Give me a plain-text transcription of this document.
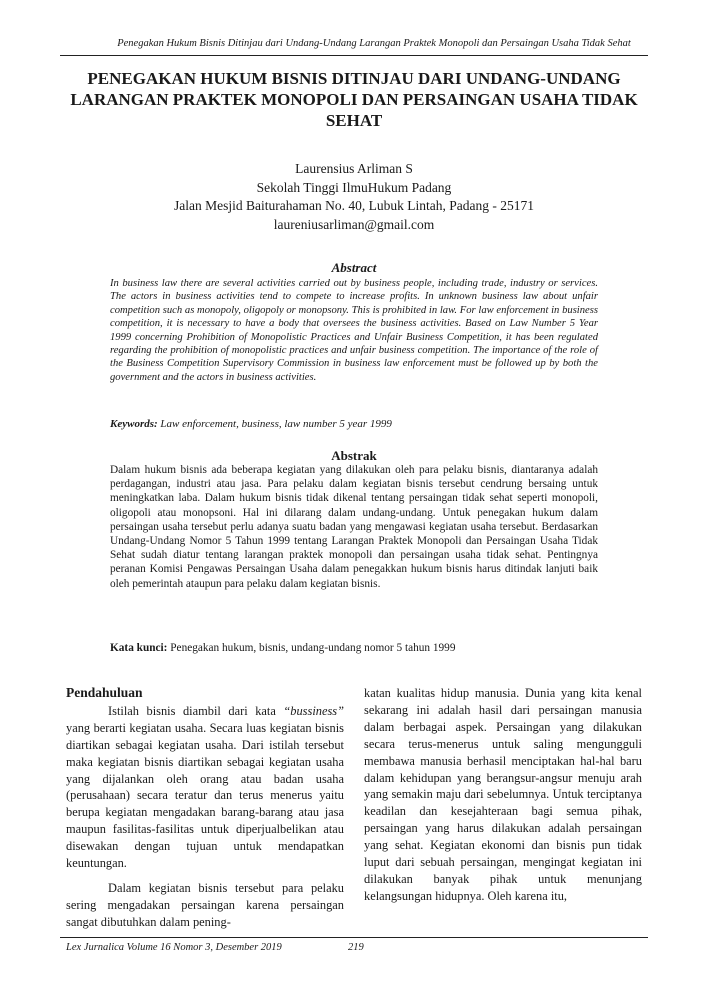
Penegakan Hukum Bisnis Ditinjau dari Undang-Undang Larangan Praktek Monopoli dan Persaingan Usaha Tidak Sehat
PENEGAKAN HUKUM BISNIS DITINJAU DARI UNDANG-UNDANG LARANGAN PRAKTEK MONOPOLI DAN PERSAINGAN USAHA TIDAK SEHAT
Laurensius Arliman S
Sekolah Tinggi IlmuHukum Padang
Jalan Mesjid Baiturahaman No. 40, Lubuk Lintah, Padang - 25171
laureniusarliman@gmail.com
Abstract
In business law there are several activities carried out by business people, including trade, industry or services. The actors in business activities tend to compete to increase profits. In unknown business law about unfair competition such as monopoly, oligopoly or monopsony. This is prohibited in law. For law enforcement in business competition, it is necessary to have a body that oversees the business activities. Based on Law Number 5 Year 1999 concerning Prohibition of Monopolistic Practices and Unfair Business Competition, it has been regulated regarding the prohibition of monopolistic practices and unfair business competition. The importance of the role of the Business Competition Supervisory Commission in business law enforcement must be followed up by both the government and the actors in business activities.
Keywords: Law enforcement, business, law number 5 year 1999
Abstrak
Dalam hukum bisnis ada beberapa kegiatan yang dilakukan oleh para pelaku bisnis, diantaranya adalah perdagangan, industri atau jasa. Para pelaku dalam kegiatan bisnis tersebut cendrung bersaing untuk meningkatkan laba. Dalam hukum bisnis tidak dikenal tentang persaingan tidak sehat seperti monopoli, oligopoli atau monopsoni. Hal ini dilarang dalam undang-undang. Untuk penegakan hukum dalam persaingan usaha tersebut perlu adanya suatu badan yang mengawasi kegiatan usaha tersebut. Berdasarkan Undang-Undang Nomor 5 Tahun 1999 tentang Larangan Praktek Monopoli dan Persaingan Usaha Tidak Sehat sudah diatur tentang larangan praktek monopoli dan persaingan usaha tidak sehat. Pentingnya peranan Komisi Pengawas Persaingan Usaha dalam penegakkan hukum bisnis harus ditindak lanjuti baik oleh pemerintah ataupun para pelaku dalam kegiatan bisnis.
Kata kunci: Penegakan hukum, bisnis, undang-undang nomor 5 tahun 1999
Pendahuluan

Istilah bisnis diambil dari kata “bussiness” yang berarti kegiatan usaha. Secara luas kegiatan bisnis diartikan sebagai kegiatan usaha. Dari istilah tersebut maka kegiatan bisnis diartikan sebagai kegiatan usaha yang dijalankan oleh orang atau badan usaha (perusahaan) secara teratur dan terus menerus yaitu berupa kegiatan mengadakan barang-barang atau jasa maupun fasilitas-fasilitas untuk diperjualbelikan atau disewakan dengan tujuan untuk mendapatkan keuntungan.

Dalam kegiatan bisnis tersebut para pelaku sering mengadakan persaingan karena persaingan sangat dibutuhkan dalam pening-

katan kualitas hidup manusia. Dunia yang kita kenal sekarang ini adalah hasil dari persaingan manusia dalam berbagai aspek. Persaingan yang dilakukan secara terus-menerus untuk saling mengungguli membawa manusia berhasil menciptakan hal-hal baru dalam kehidupan yang berangsur-angsur menuju arah yang semakin maju dari sebelumnya. Untuk terciptanya keadilan dan kesejahteraan bagi semua pihak, persaingan yang harus dilakukan adalah persaingan yang sehat. Kegiatan ekonomi dan bisnis pun tidak luput dari sebuah persaingan, mengingat kegiatan ini dilakukan banyak pihak untuk menunjang kelangsungan hidupnya. Oleh karena itu,

Lex Jurnalica Volume 16 Nomor 3, Desember 2019	219
